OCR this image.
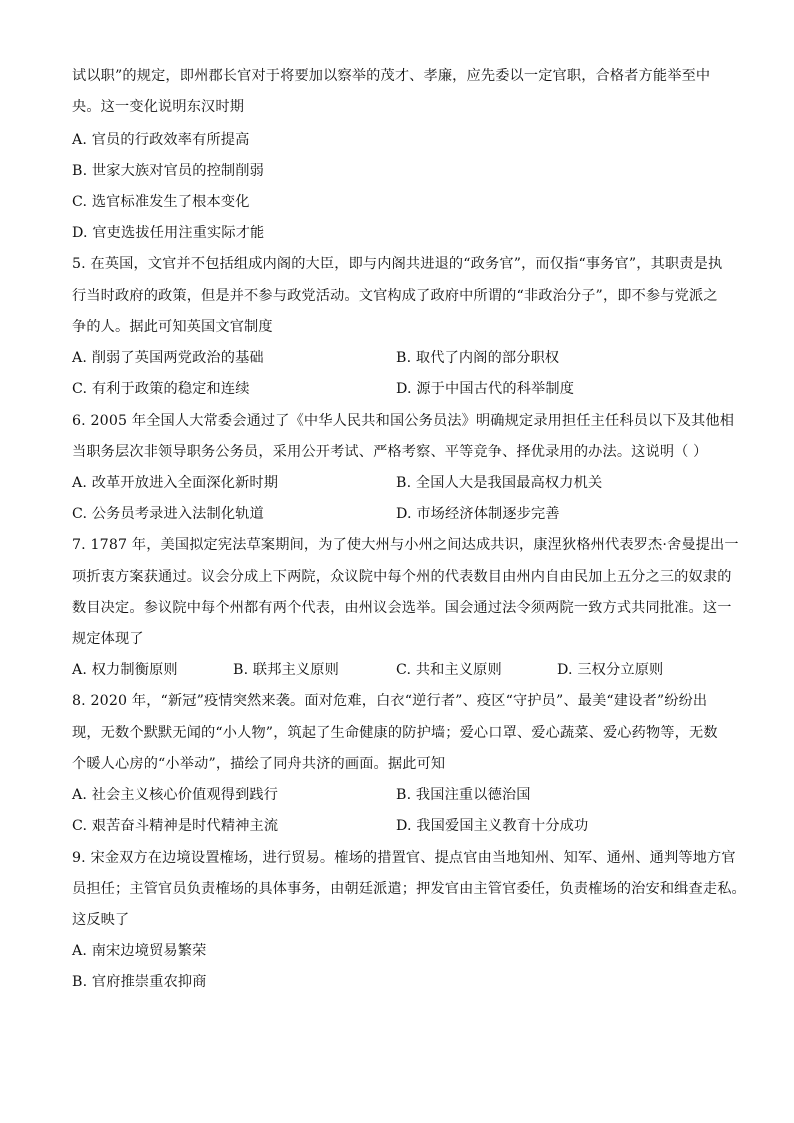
试以职”的规定，即州郡长官对于将要加以察举的茂才、孝廉，应先委以一定官职，合格者方能举至中
央。这一变化说明东汉时期
A. 官员的行政效率有所提高
B. 世家大族对官员的控制削弱
C. 选官标准发生了根本变化
D. 官吏选拔任用注重实际才能
5. 在英国，文官并不包括组成内阁的大臣，即与内阁共进退的“政务官”，而仅指“事务官”，其职责是执
行当时政府的政策，但是并不参与政党活动。文官构成了政府中所谓的“非政治分子”，即不参与党派之
争的人。据此可知英国文官制度
A. 削弱了英国两党政治的基础	B. 取代了内阁的部分职权
C. 有利于政策的稳定和连续	D. 源于中国古代的科举制度
6. 2005 年全国人大常委会通过了《中华人民共和国公务员法》明确规定录用担任主任科员以下及其他相
当职务层次非领导职务公务员，采用公开考试、严格考察、平等竞争、择优录用的办法。这说明（ ）
A. 改革开放进入全面深化新时期	B. 全国人大是我国最高权力机关
C. 公务员考录进入法制化轨道	D. 市场经济体制逐步完善
7. 1787 年，美国拟定宪法草案期间，为了使大州与小州之间达成共识，康涅狄格州代表罗杰·舍曼提出一
项折衷方案获通过。议会分成上下两院，众议院中每个州的代表数目由州内自由民加上五分之三的奴隶的
数目决定。参议院中每个州都有两个代表，由州议会选举。国会通过法令须两院一致方式共同批准。这一
规定体现了
A. 权力制衡原则	B. 联邦主义原则	C. 共和主义原则	D. 三权分立原则
8. 2020 年，“新冠”疫情突然来袭。面对危难，白衣“逆行者”、疫区“守护员”、最美“建设者”纷纷出
现，无数个默默无闻的“小人物”，筑起了生命健康的防护墙；爱心口罩、爱心蔬菜、爱心药物等，无数
个暖人心房的“小举动”，描绘了同舟共济的画面。据此可知
A. 社会主义核心价值观得到践行	B. 我国注重以德治国
C. 艰苦奋斗精神是时代精神主流	D. 我国爱国主义教育十分成功
9. 宋金双方在边境设置榷场，进行贸易。榷场的措置官、提点官由当地知州、知军、通州、通判等地方官
员担任；主管官员负责榷场的具体事务，由朝廷派遣；押发官由主管官委任，负责榷场的治安和缉查走私。
这反映了
A. 南宋边境贸易繁荣
B. 官府推崇重农抑商
